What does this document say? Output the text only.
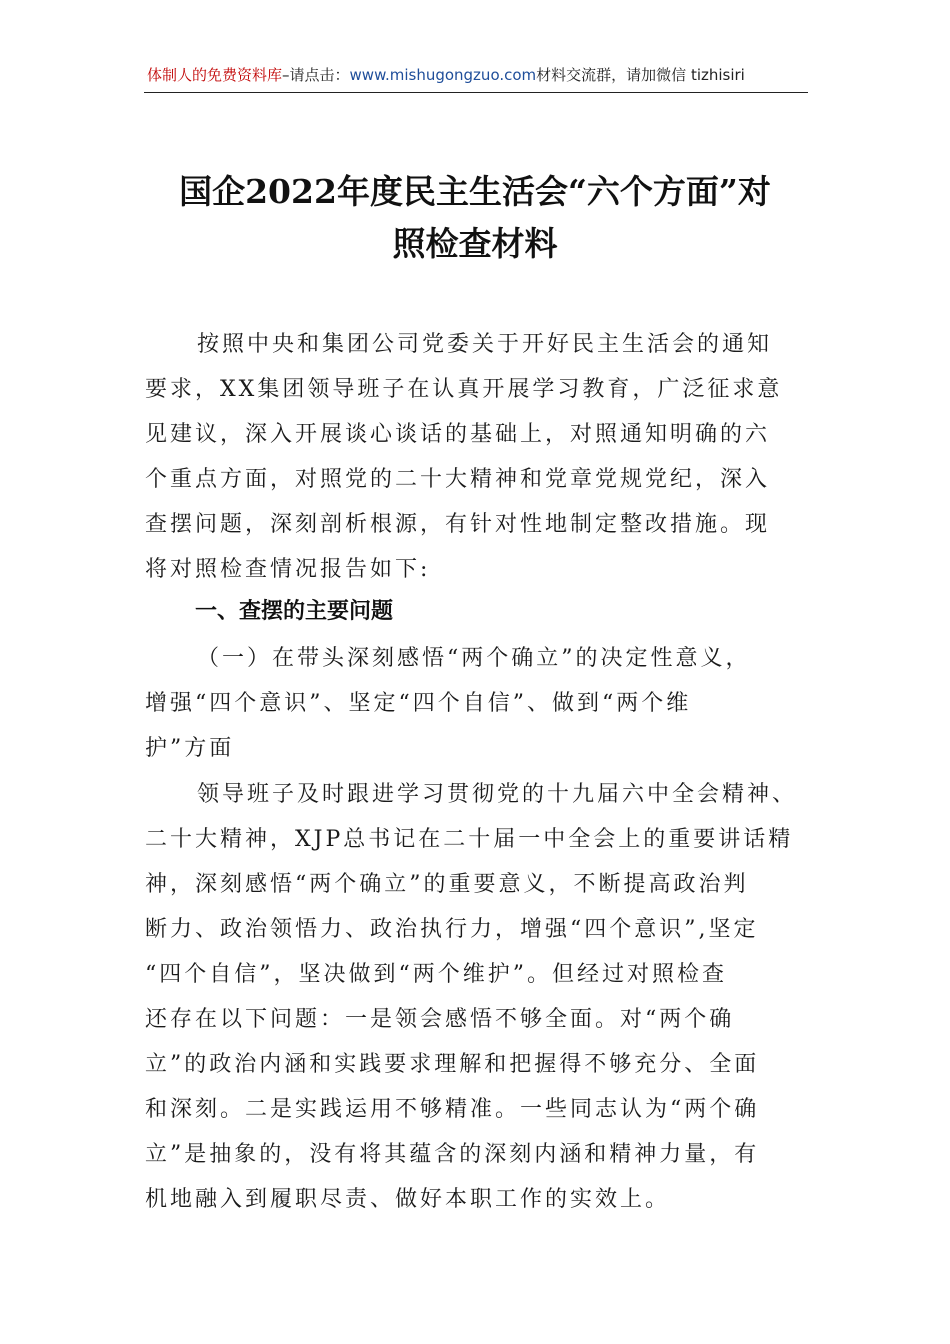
体制人的免费资料库–请点击：www.mishugongzuo.com材料交流群，请加微信 tizhisiri
国企2022年度民主生活会“六个方面”对
照检查材料
按照中央和集团公司党委关于开好民主生活会的通知
要求，XX集团领导班子在认真开展学习教育，广泛征求意
见建议，深入开展谈心谈话的基础上，对照通知明确的六
个重点方面，对照党的二十大精神和党章党规党纪，深入
查摆问题，深刻剖析根源，有针对性地制定整改措施。现
将对照检查情况报告如下:
一、查摆的主要问题
（一）在带头深刻感悟“两个确立”的决定性意义，
增强“四个意识”、坚定“四个自信”、做到“两个维
护”方面
领导班子及时跟进学习贯彻党的十九届六中全会精神、
二十大精神，XJP总书记在二十届一中全会上的重要讲话精
神，深刻感悟“两个确立”的重要意义，不断提高政治判
断力、政治领悟力、政治执行力，增强“四个意识”,坚定
“四个自信”，坚决做到“两个维护”。但经过对照检查
还存在以下问题：一是领会感悟不够全面。对“两个确
立”的政治内涵和实践要求理解和把握得不够充分、全面
和深刻。二是实践运用不够精准。一些同志认为“两个确
立”是抽象的，没有将其蕴含的深刻内涵和精神力量，有
机地融入到履职尽责、做好本职工作的实效上。
